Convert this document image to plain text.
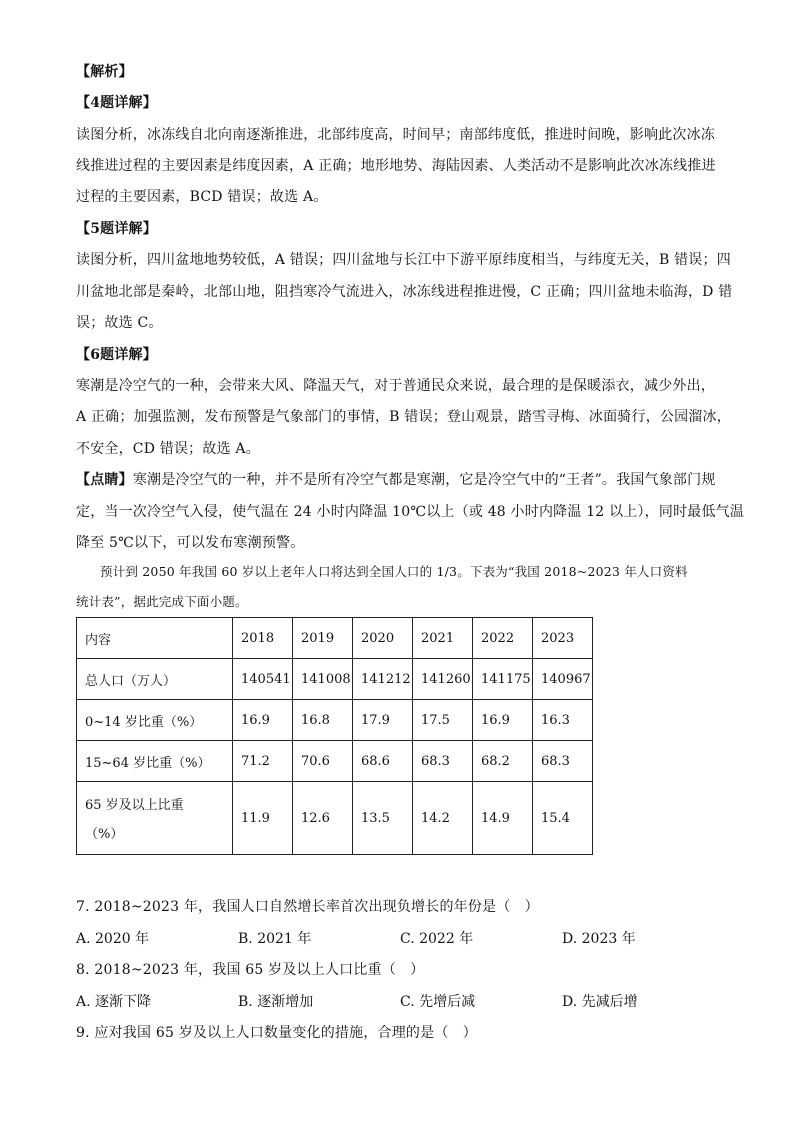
【解析】
【4题详解】
读图分析，冰冻线自北向南逐渐推进，北部纬度高，时间早；南部纬度低，推进时间晚，影响此次冰冻
线推进过程的主要因素是纬度因素，A 正确；地形地势、海陆因素、人类活动不是影响此次冰冻线推进
过程的主要因素，BCD 错误；故选 A。
【5题详解】
读图分析，四川盆地地势较低，A 错误；四川盆地与长江中下游平原纬度相当，与纬度无关，B 错误；四
川盆地北部是秦岭，北部山地，阻挡寒冷气流进入，冰冻线进程推进慢，C 正确；四川盆地未临海，D 错
误；故选 C。
【6题详解】
寒潮是冷空气的一种，会带来大风、降温天气，对于普通民众来说，最合理的是保暖添衣，减少外出，
A 正确；加强监测，发布预警是气象部门的事情，B 错误；登山观景，踏雪寻梅、冰面骑行，公园溜冰，
不安全，CD 错误；故选 A。
【点睛】寒潮是冷空气的一种，并不是所有冷空气都是寒潮，它是冷空气中的“王者”。我国气象部门规
定，当一次冷空气入侵，使气温在 24 小时内降温 10℃以上（或 48 小时内降温 12 以上），同时最低气温
降至 5℃以下，可以发布寒潮预警。
预计到 2050 年我国 60 岁以上老年人口将达到全国人口的 1/3。下表为“我国 2018~2023 年人口资料
统计表”，据此完成下面小题。
内容	2018	2019	2020	2021	2022	2023
总人口（万人）	140541	141008	141212	141260	141175	140967
0~14 岁比重（%）	16.9	16.8	17.9	17.5	16.9	16.3
15~64 岁比重（%）	71.2	70.6	68.6	68.3	68.2	68.3

65 岁及以上比重
（%）	11.9	12.6	13.5	14.2	14.9	15.4
7. 2018~2023 年，我国人口自然增长率首次出现负增长的年份是（　）
A. 2020 年	B. 2021 年	C. 2022 年	D. 2023 年
8. 2018~2023 年，我国 65 岁及以上人口比重（　）
A. 逐渐下降	B. 逐渐增加	C. 先增后减	D. 先减后增
9. 应对我国 65 岁及以上人口数量变化的措施，合理的是（　）
